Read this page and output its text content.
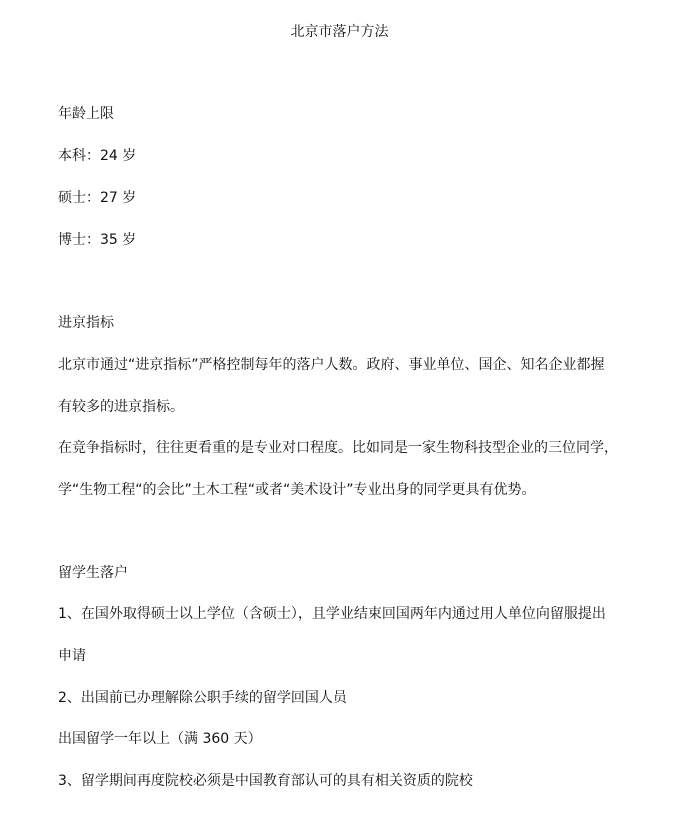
北京市落户方法
年龄上限
本科：24 岁
硕士：27 岁
博士：35 岁
进京指标
北京市通过“进京指标”严格控制每年的落户人数。政府、事业单位、国企、知名企业都握
有较多的进京指标。
在竞争指标时，往往更看重的是专业对口程度。比如同是一家生物科技型企业的三位同学，
学“生物工程“的会比”土木工程“或者“美术设计”专业出身的同学更具有优势。
留学生落户
1、在国外取得硕士以上学位（含硕士），且学业结束回国两年内通过用人单位向留服提出
申请
2、出国前已办理解除公职手续的留学回国人员
出国留学一年以上（满 360 天）
3、留学期间再度院校必须是中国教育部认可的具有相关资质的院校
